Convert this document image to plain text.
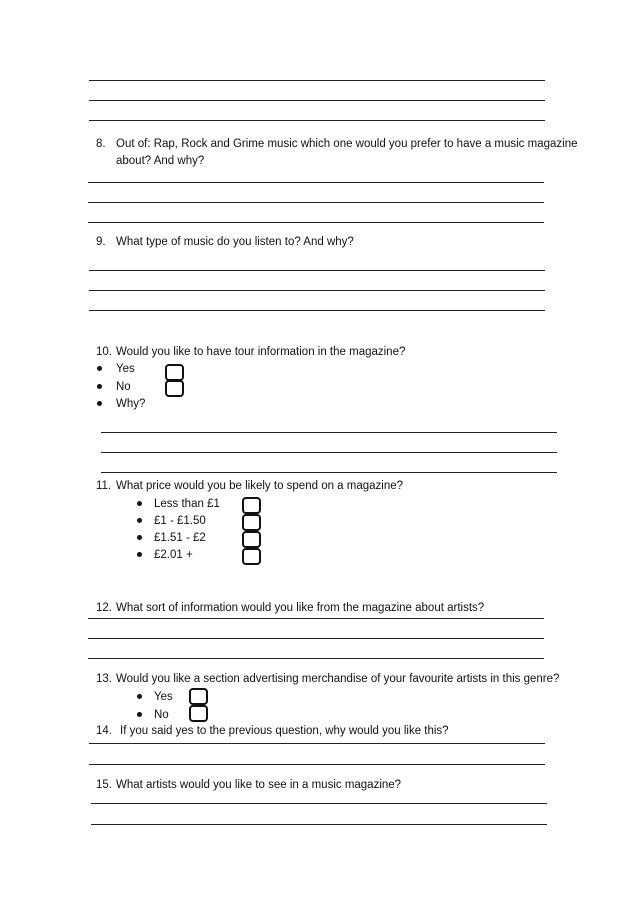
8. Out of: Rap, Rock and Grime music which one would you prefer to have a music magazine
about? And why?
9. What type of music do you listen to? And why?
10. Would you like to have tour information in the magazine?
Yes
No
Why?
11. What price would you be likely to spend on a magazine?
Less than £1
£1 - £1.50
£1.51 - £2
£2.01 +
12. What sort of information would you like from the magazine about artists?
13. Would you like a section advertising merchandise of your favourite artists in this genre?
Yes
No
14. If you said yes to the previous question, why would you like this?
15. What artists would you like to see in a music magazine?
